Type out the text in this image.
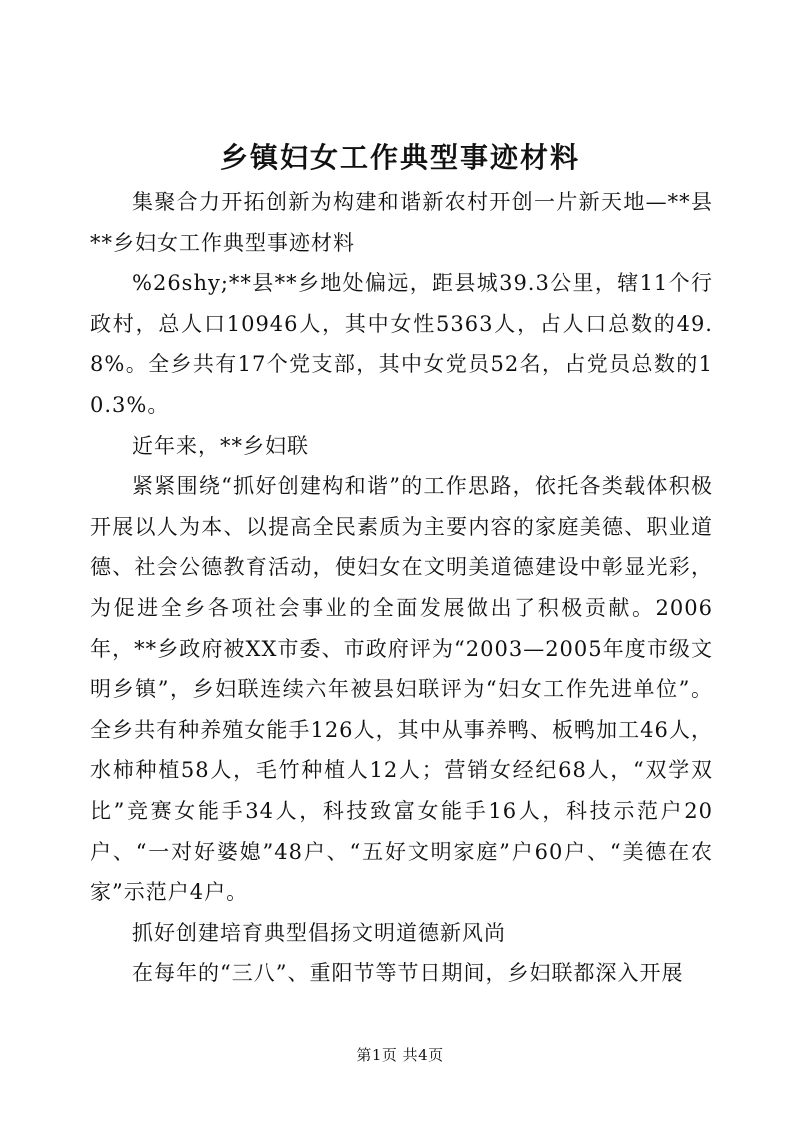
乡镇妇女工作典型事迹材料

集聚合力开拓创新为构建和谐新农村开创一片新天地—**县**乡妇女工作典型事迹材料

%26shy;**县**乡地处偏远，距县城39.3公里，辖11个行政村，总人口10946人，其中女性5363人，占人口总数的49.8%。全乡共有17个党支部，其中女党员52名，占党员总数的10.3%。

近年来，**乡妇联

紧紧围绕“抓好创建构和谐”的工作思路，依托各类载体积极开展以人为本、以提高全民素质为主要内容的家庭美德、职业道德、社会公德教育活动，使妇女在文明美道德建设中彰显光彩，为促进全乡各项社会事业的全面发展做出了积极贡献。2006年，**乡政府被XX市委、市政府评为“2003—2005年度市级文明乡镇”，乡妇联连续六年被县妇联评为“妇女工作先进单位”。全乡共有种养殖女能手126人，其中从事养鸭、板鸭加工46人，水柿种植58人，毛竹种植人12人；营销女经纪68人，“双学双比”竞赛女能手34人，科技致富女能手16人，科技示范户20户、“一对好婆媳”48户、“五好文明家庭”户60户、“美德在农家”示范户4户。

抓好创建培育典型倡扬文明道德新风尚

在每年的“三八”、重阳节等节日期间，乡妇联都深入开展

第1页 共4页
